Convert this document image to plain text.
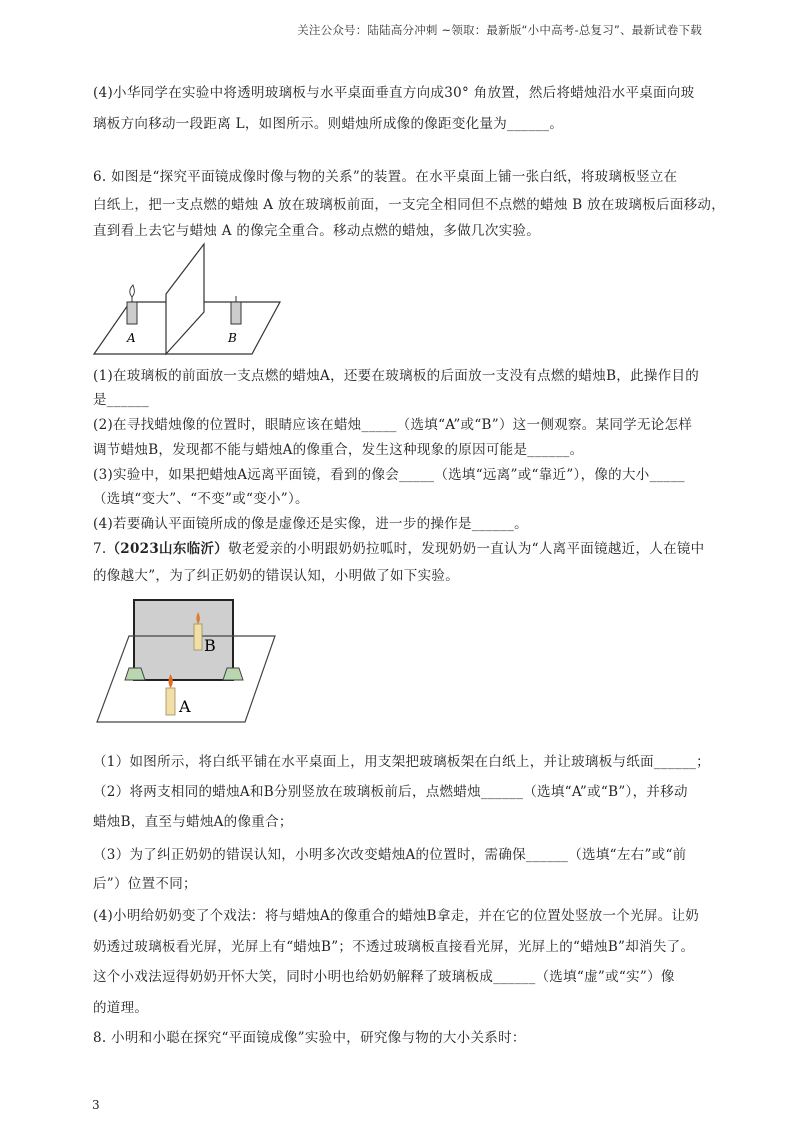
关注公众号：陆陆高分冲刺 ~领取：最新版“小中高考-总复习”、最新试卷下载
(4)小华同学在实验中将透明玻璃板与水平桌面垂直方向成30° 角放置，然后将蜡烛沿水平桌面向玻
璃板方向移动一段距离 L，如图所示。则蜡烛所成像的像距变化量为______。
6. 如图是“探究平面镜成像时像与物的关系”的装置。在水平桌面上铺一张白纸，将玻璃板竖立在
白纸上，把一支点燃的蜡烛 A 放在玻璃板前面，一支完全相同但不点燃的蜡烛 B 放在玻璃板后面移动，
直到看上去它与蜡烛 A 的像完全重合。移动点燃的蜡烛，多做几次实验。
A	B
(1)在玻璃板的前面放一支点燃的蜡烛A，还要在玻璃板的后面放一支没有点燃的蜡烛B，此操作目的
是______
(2)在寻找蜡烛像的位置时，眼睛应该在蜡烛_____（选填“A”或“B”）这一侧观察。某同学无论怎样
调节蜡烛B，发现都不能与蜡烛A的像重合，发生这种现象的原因可能是______。
(3)实验中，如果把蜡烛A远离平面镜，看到的像会_____（选填“远离”或“靠近”），像的大小_____
（选填“变大”、“不变”或“变小”）。
(4)若要确认平面镜所成的像是虚像还是实像，进一步的操作是______。
7.（2023山东临沂）敬老爱亲的小明跟奶奶拉呱时，发现奶奶一直认为“人离平面镜越近，人在镜中
的像越大”，为了纠正奶奶的错误认知，小明做了如下实验。
B
A
（1）如图所示，将白纸平铺在水平桌面上，用支架把玻璃板架在白纸上，并让玻璃板与纸面______；
（2）将两支相同的蜡烛A和B分别竖放在玻璃板前后，点燃蜡烛______（选填“A”或“B”），并移动
蜡烛B，直至与蜡烛A的像重合；
（3）为了纠正奶奶的错误认知，小明多次改变蜡烛A的位置时，需确保______（选填“左右”或“前
后”）位置不同；
(4)小明给奶奶变了个戏法：将与蜡烛A的像重合的蜡烛B拿走，并在它的位置处竖放一个光屏。让奶
奶透过玻璃板看光屏，光屏上有“蜡烛B”；不透过玻璃板直接看光屏，光屏上的“蜡烛B”却消失了。
这个小戏法逗得奶奶开怀大笑，同时小明也给奶奶解释了玻璃板成______（选填“虚”或“实”）像
的道理。
8. 小明和小聪在探究“平面镜成像”实验中，研究像与物的大小关系时：
3
